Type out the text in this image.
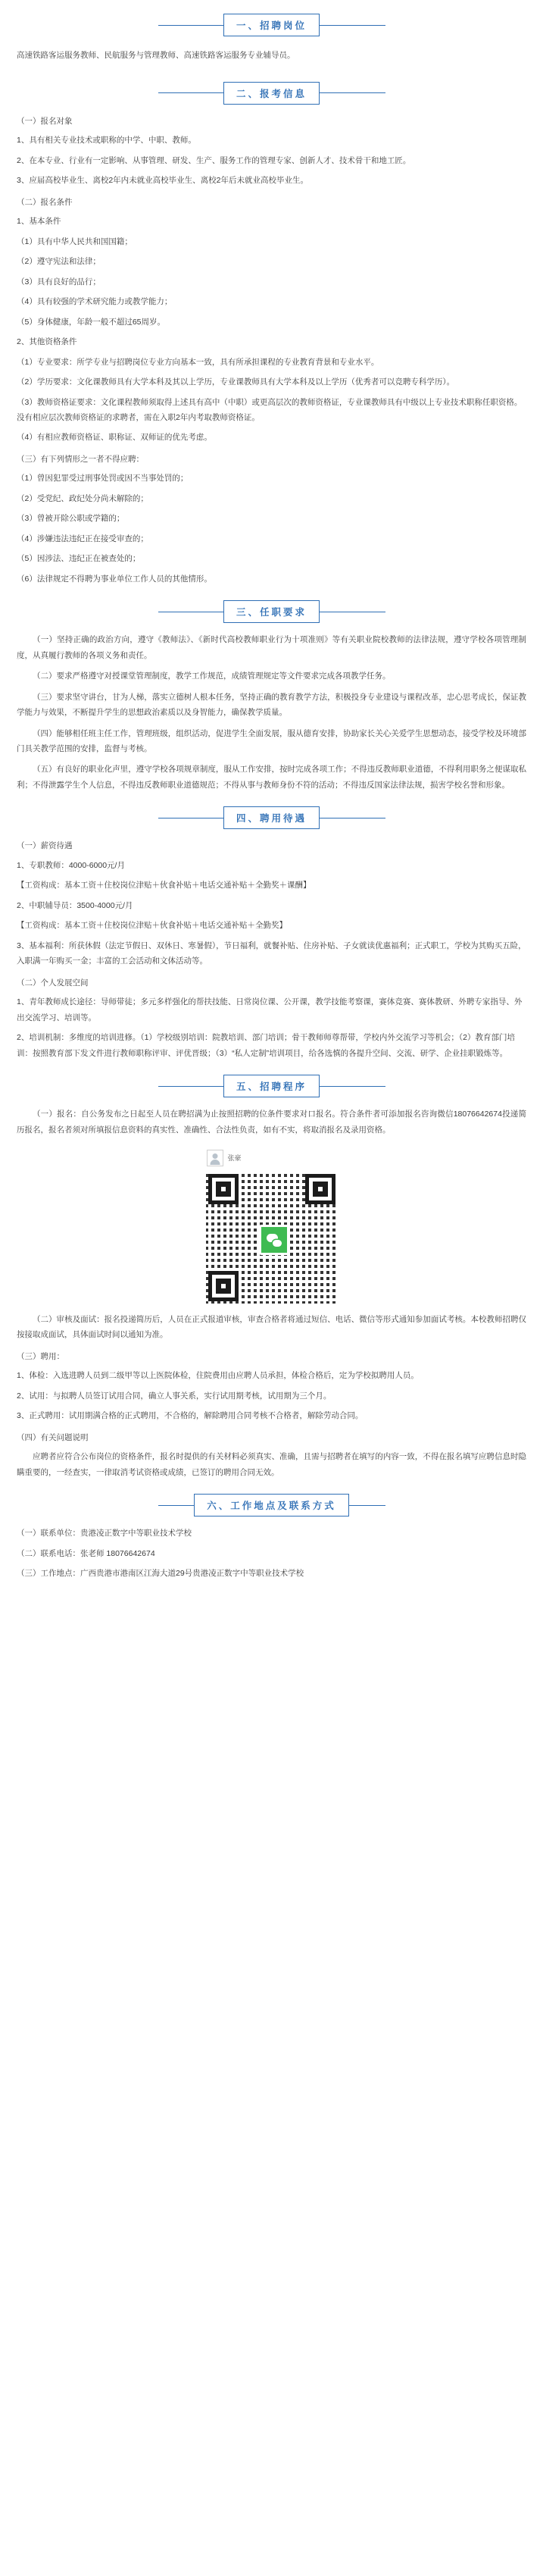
一、招聘岗位
高速铁路客运服务教师、民航服务与管理教师、高速铁路客运服务专业辅导员。
二、报考信息

（一）报名对象

1、具有相关专业技术或职称的中学、中职、教师。

2、在本专业、行业有一定影响、从事管理、研发、生产、服务工作的管理专家、创新人才、技术骨干和地工匠。

3、应届高校毕业生、离校2年内未就业高校毕业生、离校2年后未就业高校毕业生。

（二）报名条件

1、基本条件

（1）具有中华人民共和国国籍；

（2）遵守宪法和法律；

（3）具有良好的品行；

（4）具有较强的学术研究能力或教学能力；

（5）身体健康，年龄一般不超过65周岁。

2、其他资格条件

（1）专业要求：所学专业与招聘岗位专业方向基本一致，具有所承担课程的专业教育背景和专业水平。

（2）学历要求：文化课教师具有大学本科及其以上学历，专业课教师具有大学本科及以上学历（优秀者可以竞聘专科学历）。

（3）教师资格证要求：文化课程教师须取得上述具有高中（中职）或更高层次的教师资格证，专业课教师具有中级以上专业技术职称任职资格。没有相应层次教师资格证的求聘者，需在入职2年内考取教师资格证。

（4）有相应教师资格证、职称证、双师证的优先考虑。

（三）有下列情形之一者不得应聘：

（1）曾因犯罪受过刑事处罚或因不当事处罚的；

（2）受党纪、政纪处分尚未解除的；

（3）曾被开除公职或学籍的；

（4）涉嫌违法违纪正在接受审查的；

（5）因涉法、违纪正在被查处的；

（6）法律规定不得聘为事业单位工作人员的其他情形。

三、任职要求

（一）坚持正确的政治方向，遵守《教师法》、《新时代高校教师职业行为十项准则》等有关职业院校教师的法律法规，遵守学校各项管理制度，从真履行教师的各项义务和责任。

（二）要求严格遵守对授课堂管理制度，教学工作规范，成绩管理规定等文件要求完成各项教学任务。

（三）要求坚守讲台，甘为人梯，落实立德树人根本任务，坚持正确的教育教学方法，积极投身专业建设与课程改革，忠心思考成长，保证教学能力与效果，不断提升学生的思想政治素质以及身智能力，确保教学质量。

（四）能够相任班主任工作，管理班级，组织活动，促进学生全面发展，服从德育安排，协助家长关心关爱学生思想动态，接受学校及环境部门具关教学范围的安排，监督与考核。

（五）有良好的职业化声里，遵守学校各项规章制度，服从工作安排，按时完成各项工作；不得违反教师职业道德，不得利用职务之便谋取私利；不得泄露学生个人信息，不得违反教师职业道德规范；不得从事与教师身份不符的活动；不得违反国家法律法规，损害学校名誉和形象。

四、聘用待遇

（一）薪资待遇

1、专职教师：4000-6000元/月

【工资构成：基本工资＋住校岗位津贴＋伙食补贴＋电话交通补贴＋全勤奖＋课酬】

2、中职辅导员：3500-4000元/月

【工资构成：基本工资＋住校岗位津贴＋伙食补贴＋电话交通补贴＋全勤奖】

3、基本福利：所获休假（法定节假日、双休日、寒暑假），节日福利，就餐补贴、住房补贴、子女就读优惠福利；正式职工，学校为其购买五险，入职满一年购买一金；丰富的工会活动和文体活动等。

（二）个人发展空间

1、青年教师成长途径：导师带徒；多元多样强化的帮扶技能、日常岗位课、公开课，教学技能考察课，赛体竞赛、赛体教研、外聘专家指导、外出交流学习、培训等。

2、培训机制：多维度的培训进修。（1）学校级别培训：院教培训、部门培训；骨干教师师尊帮带，学校内外交流学习等机会；（2）教育部门培训：按照教育部下发文件进行教师职称评审、评优晋级；（3）“私人定制”培训项目，给各选慎的各提升空间、交流、研学、企业挂职锻炼等。

五、招聘程序

（一）报名：自公务发布之日起至人员在聘招满为止按照招聘的位条件要求对口报名。符合条件者可添加报名咨询微信18076642674投递简历报名，报名者须对所填报信息资料的真实性、准确性、合法性负责，如有不实，将取消报名及录用资格。

张豪

（二）审核及面试：报名投递简历后，人员在正式报道审核，审查合格者将通过短信、电话、微信等形式通知参加面试考核。本校教师招聘仅按接取成面试，具体面试时间以通知为准。

（三）聘用：

1、体检：入选进聘人员到二级甲等以上医院体检，住院费用由应聘人员承担，体检合格后，定为学校拟聘用人员。

2、试用：与拟聘人员签订试用合同，确立人事关系，实行试用期考核，试用期为三个月。

3、正式聘用：试用期满合格的正式聘用，不合格的，解除聘用合同考核不合格者，解除劳动合同。

（四）有关问题说明

应聘者应符合公布岗位的资格条件，报名时提供的有关材料必须真实、准确，且需与招聘者在填写的内容一致，不得在报名填写应聘信息时隐瞒重要的，一经查实，一律取消考试资格或成绩，已签订的聘用合同无效。

六、工作地点及联系方式

（一）联系单位：贵港凌正数字中等职业技术学校

（二）联系电话：张老师 18076642674

（三）工作地点：广西贵港市港南区江海大道29号贵港凌正数字中等职业技术学校
